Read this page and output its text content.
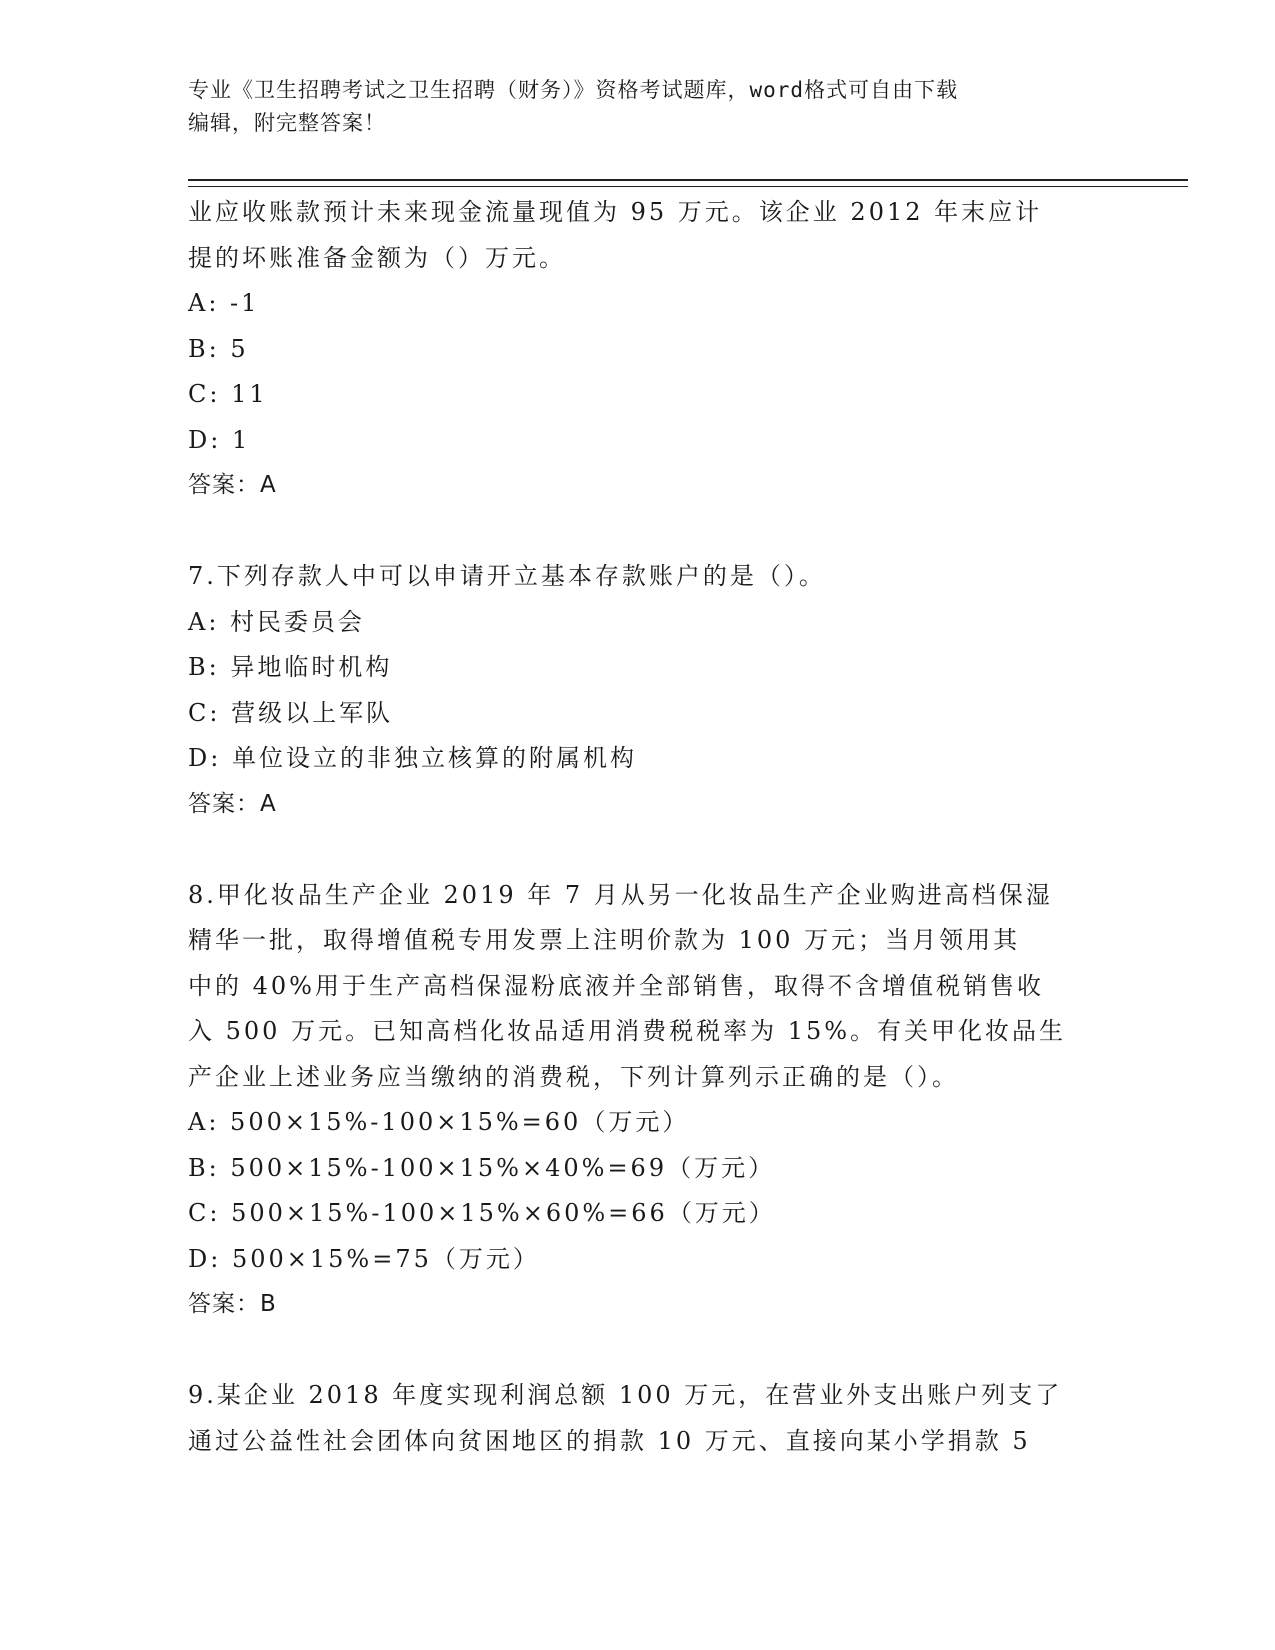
专业《卫生招聘考试之卫生招聘（财务）》资格考试题库，word格式可自由下载
编辑，附完整答案！
业应收账款预计未来现金流量现值为 95 万元。该企业 2012 年末应计
提的坏账准备金额为（）万元。
A: -1
B: 5
C: 11
D: 1
答案：A
7.下列存款人中可以申请开立基本存款账户的是（）。
A: 村民委员会
B: 异地临时机构
C: 营级以上军队
D: 单位设立的非独立核算的附属机构
答案：A
8.甲化妆品生产企业 2019 年 7 月从另一化妆品生产企业购进高档保湿
精华一批，取得增值税专用发票上注明价款为 100 万元；当月领用其
中的 40%用于生产高档保湿粉底液并全部销售，取得不含增值税销售收
入 500 万元。已知高档化妆品适用消费税税率为 15%。有关甲化妆品生
产企业上述业务应当缴纳的消费税，下列计算列示正确的是（）。
A: 500×15%-100×15%=60（万元）
B: 500×15%-100×15%×40%=69（万元）
C: 500×15%-100×15%×60%=66（万元）
D: 500×15%=75（万元）
答案：B
9.某企业 2018 年度实现利润总额 100 万元，在营业外支出账户列支了
通过公益性社会团体向贫困地区的捐款 10 万元、直接向某小学捐款 5
